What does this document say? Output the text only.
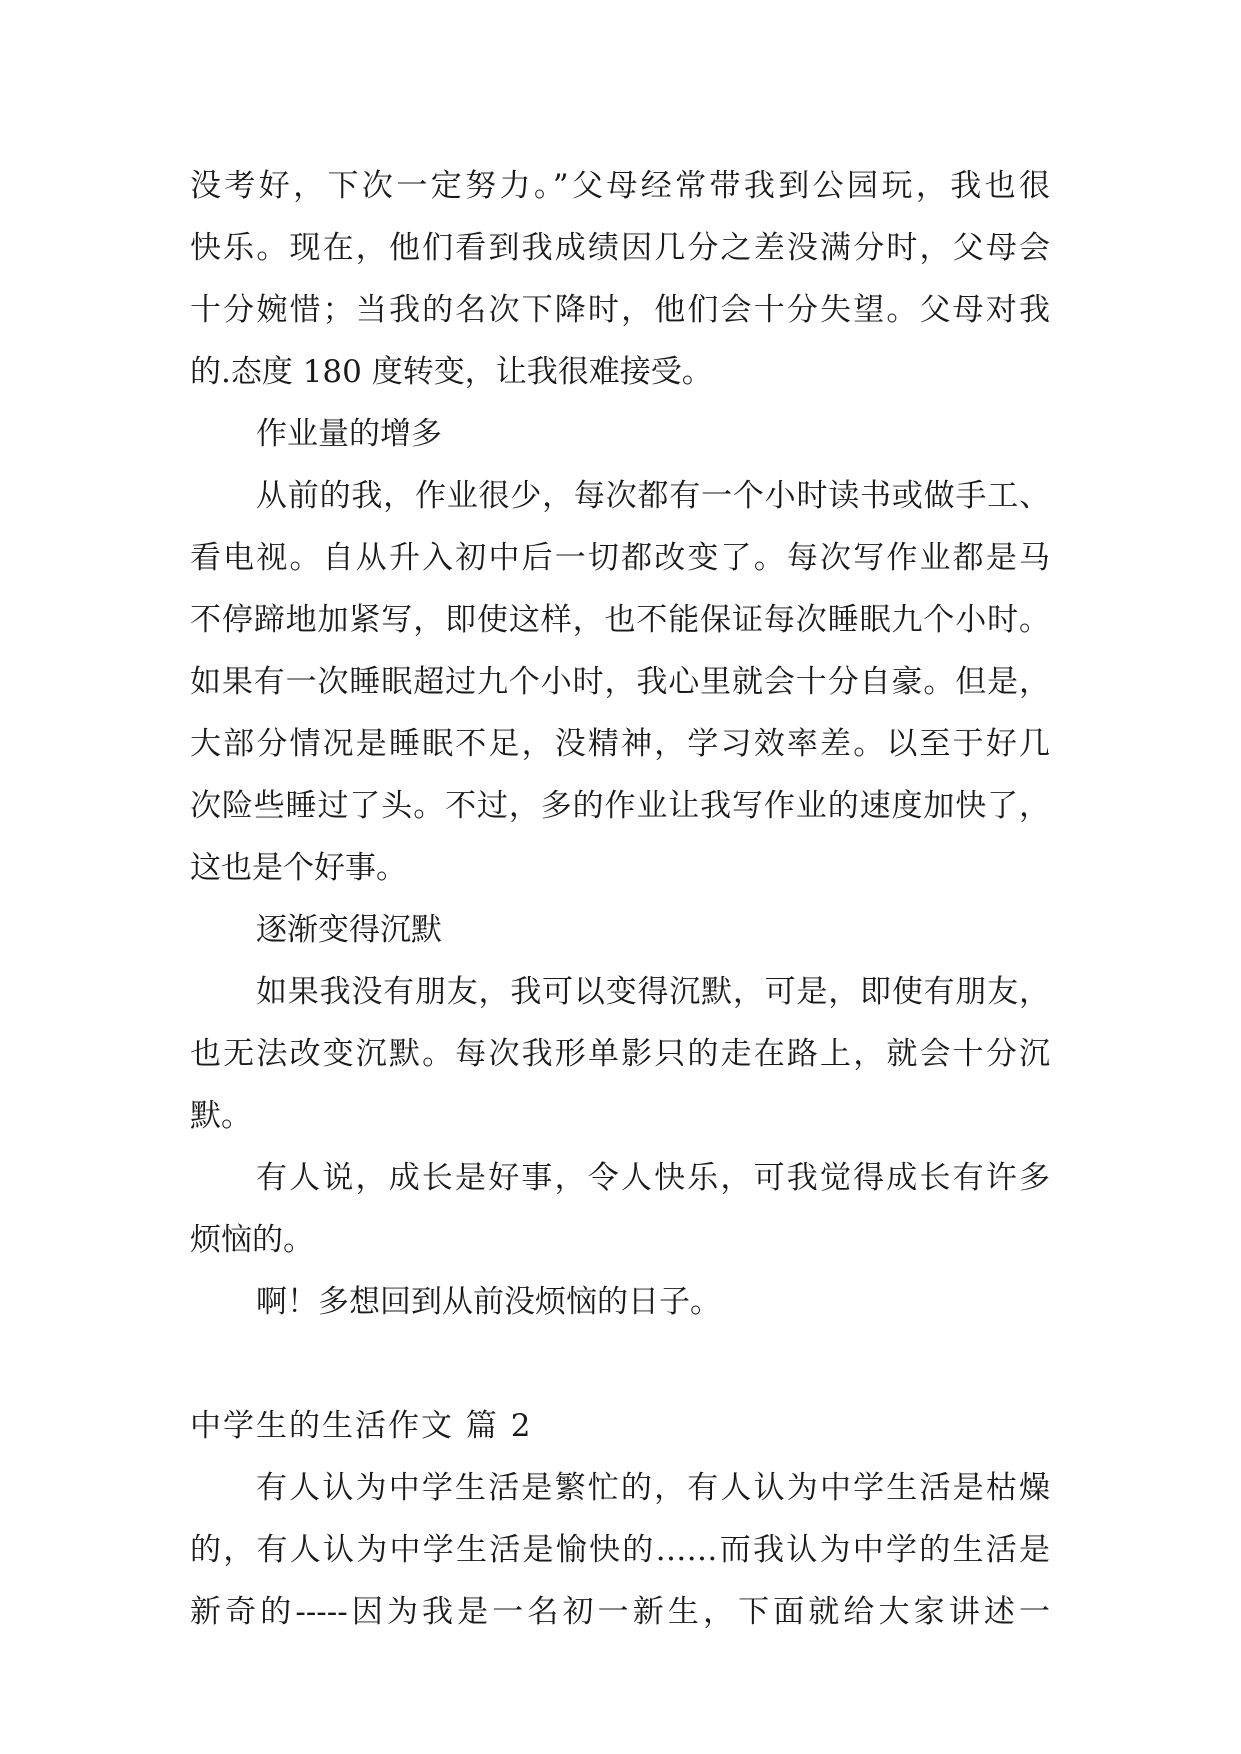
没考好，下次一定努力。”父母经常带我到公园玩，我也很
快乐。现在，他们看到我成绩因几分之差没满分时，父母会
十分婉惜；当我的名次下降时，他们会十分失望。父母对我
的.态度 180 度转变，让我很难接受。
作业量的增多
从前的我，作业很少，每次都有一个小时读书或做手工、
看电视。自从升入初中后一切都改变了。每次写作业都是马
不停蹄地加紧写，即使这样，也不能保证每次睡眠九个小时。
如果有一次睡眠超过九个小时，我心里就会十分自豪。但是，
大部分情况是睡眠不足，没精神，学习效率差。以至于好几
次险些睡过了头。不过，多的作业让我写作业的速度加快了，
这也是个好事。
逐渐变得沉默
如果我没有朋友，我可以变得沉默，可是，即使有朋友，
也无法改变沉默。每次我形单影只的走在路上，就会十分沉
默。
有人说，成长是好事，令人快乐，可我觉得成长有许多
烦恼的。
啊！多想回到从前没烦恼的日子。
中学生的生活作文 篇 2
有人认为中学生活是繁忙的，有人认为中学生活是枯燥
的，有人认为中学生活是愉快的……而我认为中学的生活是
新奇的-----因为我是一名初一新生，下面就给大家讲述一
